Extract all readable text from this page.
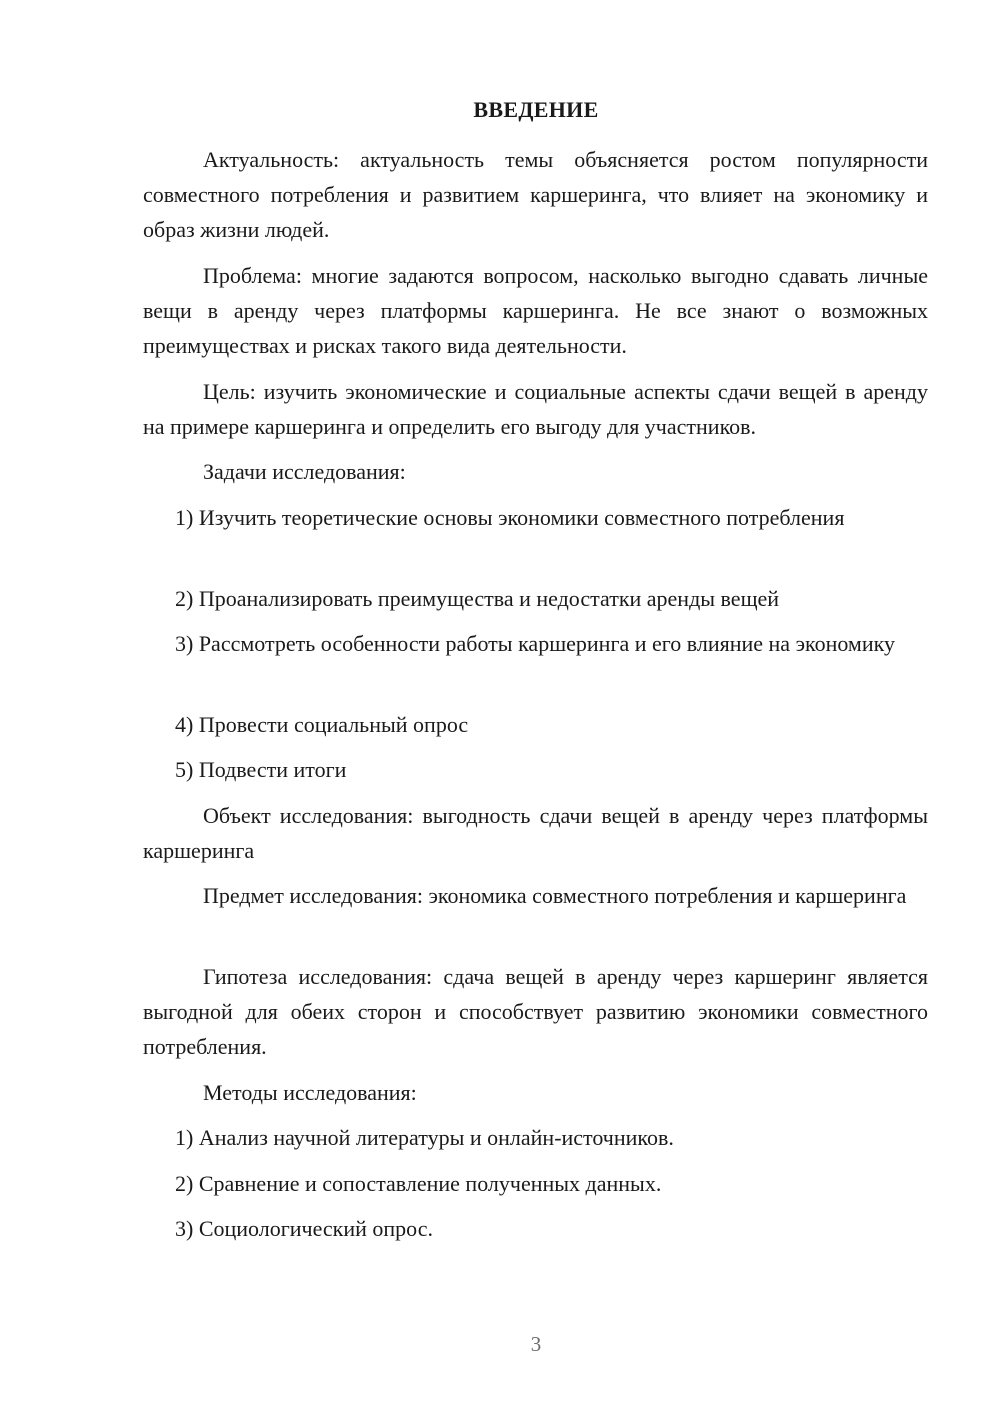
ВВЕДЕНИЕ

Актуальность: актуальность темы объясняется ростом популярности совместного потребления и развитием каршеринга, что влияет на экономику и образ жизни людей.

Проблема: многие задаются вопросом, насколько выгодно сдавать личные вещи в аренду через платформы каршеринга. Не все знают о возможных преимуществах и рисках такого вида деятельности.

Цель: изучить экономические и социальные аспекты сдачи вещей в аренду на примере каршеринга и определить его выгоду для участников.

Задачи исследования:

1) Изучить теоретические основы экономики совместного потребления

2) Проанализировать преимущества и недостатки аренды вещей

3) Рассмотреть особенности работы каршеринга и его влияние на экономику

4) Провести социальный опрос

5) Подвести итоги

Объект исследования: выгодность сдачи вещей в аренду через платформы каршеринга

Предмет исследования: экономика совместного потребления и каршеринга

Гипотеза исследования: сдача вещей в аренду через каршеринг является выгодной для обеих сторон и способствует развитию экономики совместного потребления.

Методы исследования:

1) Анализ научной литературы и онлайн-источников.

2) Сравнение и сопоставление полученных данных.

3) Социологический опрос.

3
